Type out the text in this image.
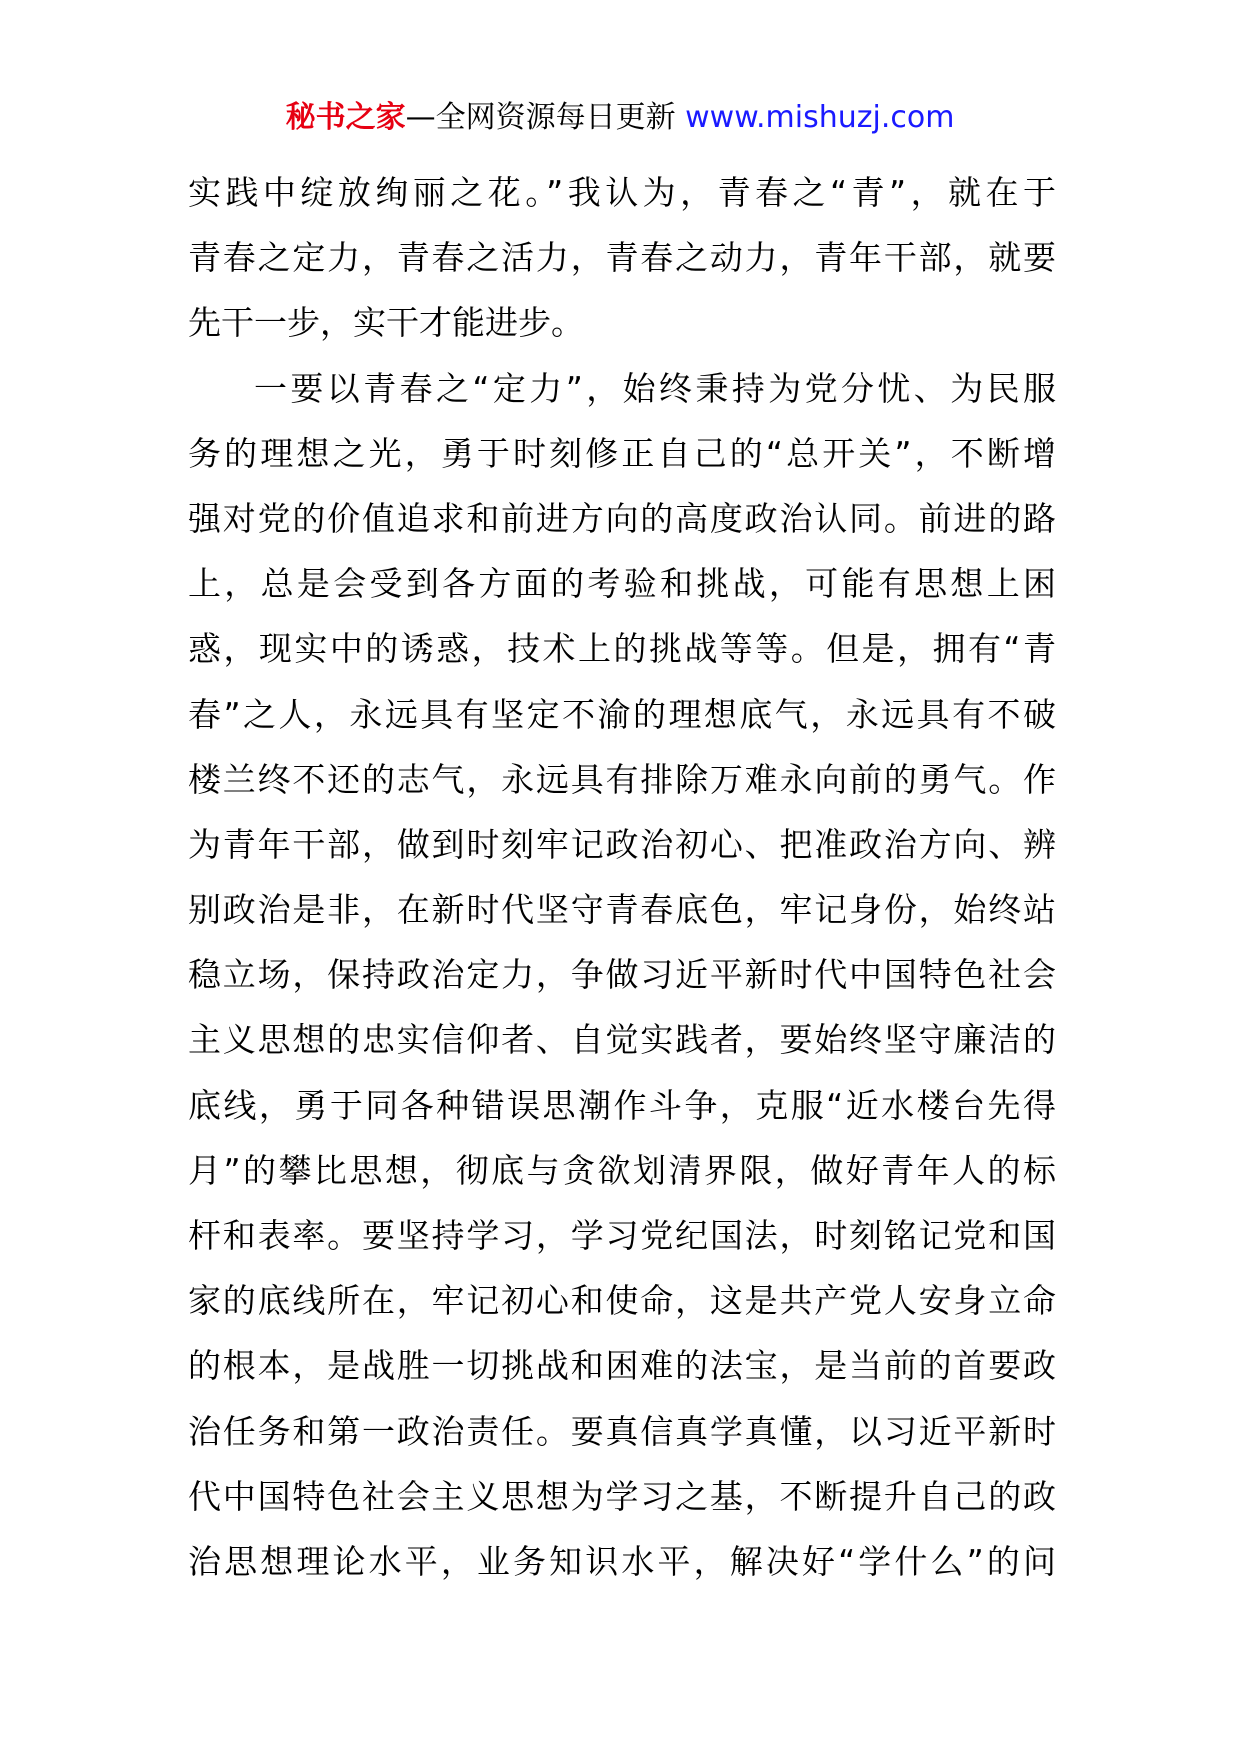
秘书之家—全网资源每日更新 www.mishuzj.com
实践中绽放绚丽之花。”我认为，青春之“青”，就在于
青春之定力，青春之活力，青春之动力，青年干部，就要
先干一步，实干才能进步。
一要以青春之“定力”，始终秉持为党分忧、为民服
务的理想之光，勇于时刻修正自己的“总开关”，不断增
强对党的价值追求和前进方向的高度政治认同。前进的路
上，总是会受到各方面的考验和挑战，可能有思想上困
惑，现实中的诱惑，技术上的挑战等等。但是，拥有“青
春”之人，永远具有坚定不渝的理想底气，永远具有不破
楼兰终不还的志气，永远具有排除万难永向前的勇气。作
为青年干部，做到时刻牢记政治初心、把准政治方向、辨
别政治是非，在新时代坚守青春底色，牢记身份，始终站
稳立场，保持政治定力，争做习近平新时代中国特色社会
主义思想的忠实信仰者、自觉实践者，要始终坚守廉洁的
底线，勇于同各种错误思潮作斗争，克服“近水楼台先得
月”的攀比思想，彻底与贪欲划清界限，做好青年人的标
杆和表率。要坚持学习，学习党纪国法，时刻铭记党和国
家的底线所在，牢记初心和使命，这是共产党人安身立命
的根本，是战胜一切挑战和困难的法宝，是当前的首要政
治任务和第一政治责任。要真信真学真懂，以习近平新时
代中国特色社会主义思想为学习之基，不断提升自己的政
治思想理论水平，业务知识水平，解决好“学什么”的问
